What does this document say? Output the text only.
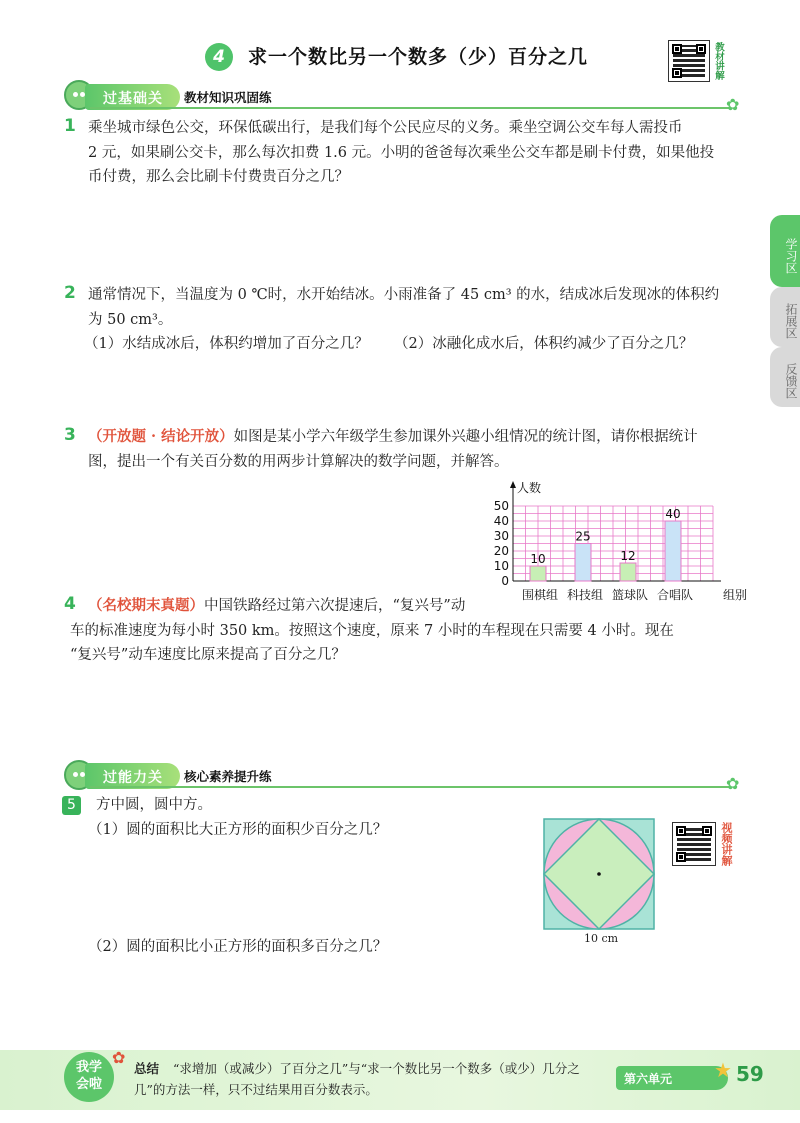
4	求一个数比另一个数多（少）百分之几	教材讲解
过基础关 教材知识巩固练	✿
1 乘坐城市绿色公交，环保低碳出行，是我们每个公民应尽的义务。乘坐空调公交车每人需投币
2 元，如果刷公交卡，那么每次扣费 1.6 元。小明的爸爸每次乘坐公交车都是刷卡付费，如果他投
币付费，那么会比刷卡付费贵百分之几？
2 通常情况下，当温度为 0 ℃时，水开始结冰。小雨准备了 45 cm³ 的水，结成冰后发现冰的体积约
为 50 cm³。
（1）水结成冰后，体积约增加了百分之几？ （2）冰融化成水后，体积约减少了百分之几？
3 （开放题 · 结论开放）如图是某小学六年级学生参加课外兴趣小组情况的统计图，请你根据统计
图，提出一个有关百分数的用两步计算解决的数学问题，并解答。
0
10
20
30
40
50
人数
10
围棋组
25
科技组
12
篮球队
40
合唱队 组别
4 （名校期末真题）中国铁路经过第六次提速后，“复兴号”动
车的标准速度为每小时 350 km。按照这个速度，原来 7 小时的车程现在只需要 4 小时。现在
“复兴号”动车速度比原来提高了百分之几？
过能力关 核心素养提升练	✿
5	方中圆，圆中方。
（1）圆的面积比大正方形的面积少百分之几？
（2）圆的面积比小正方形的面积多百分之几？
10 cm
视频讲解
学习区
拓展区
反馈区
我学会啦
✿
总结 “求增加（或减少）了百分之几”与“求一个数比另一个数多（或少）几分之
几”的方法一样，只不过结果用百分数表示。
第六单元 ★ 59
